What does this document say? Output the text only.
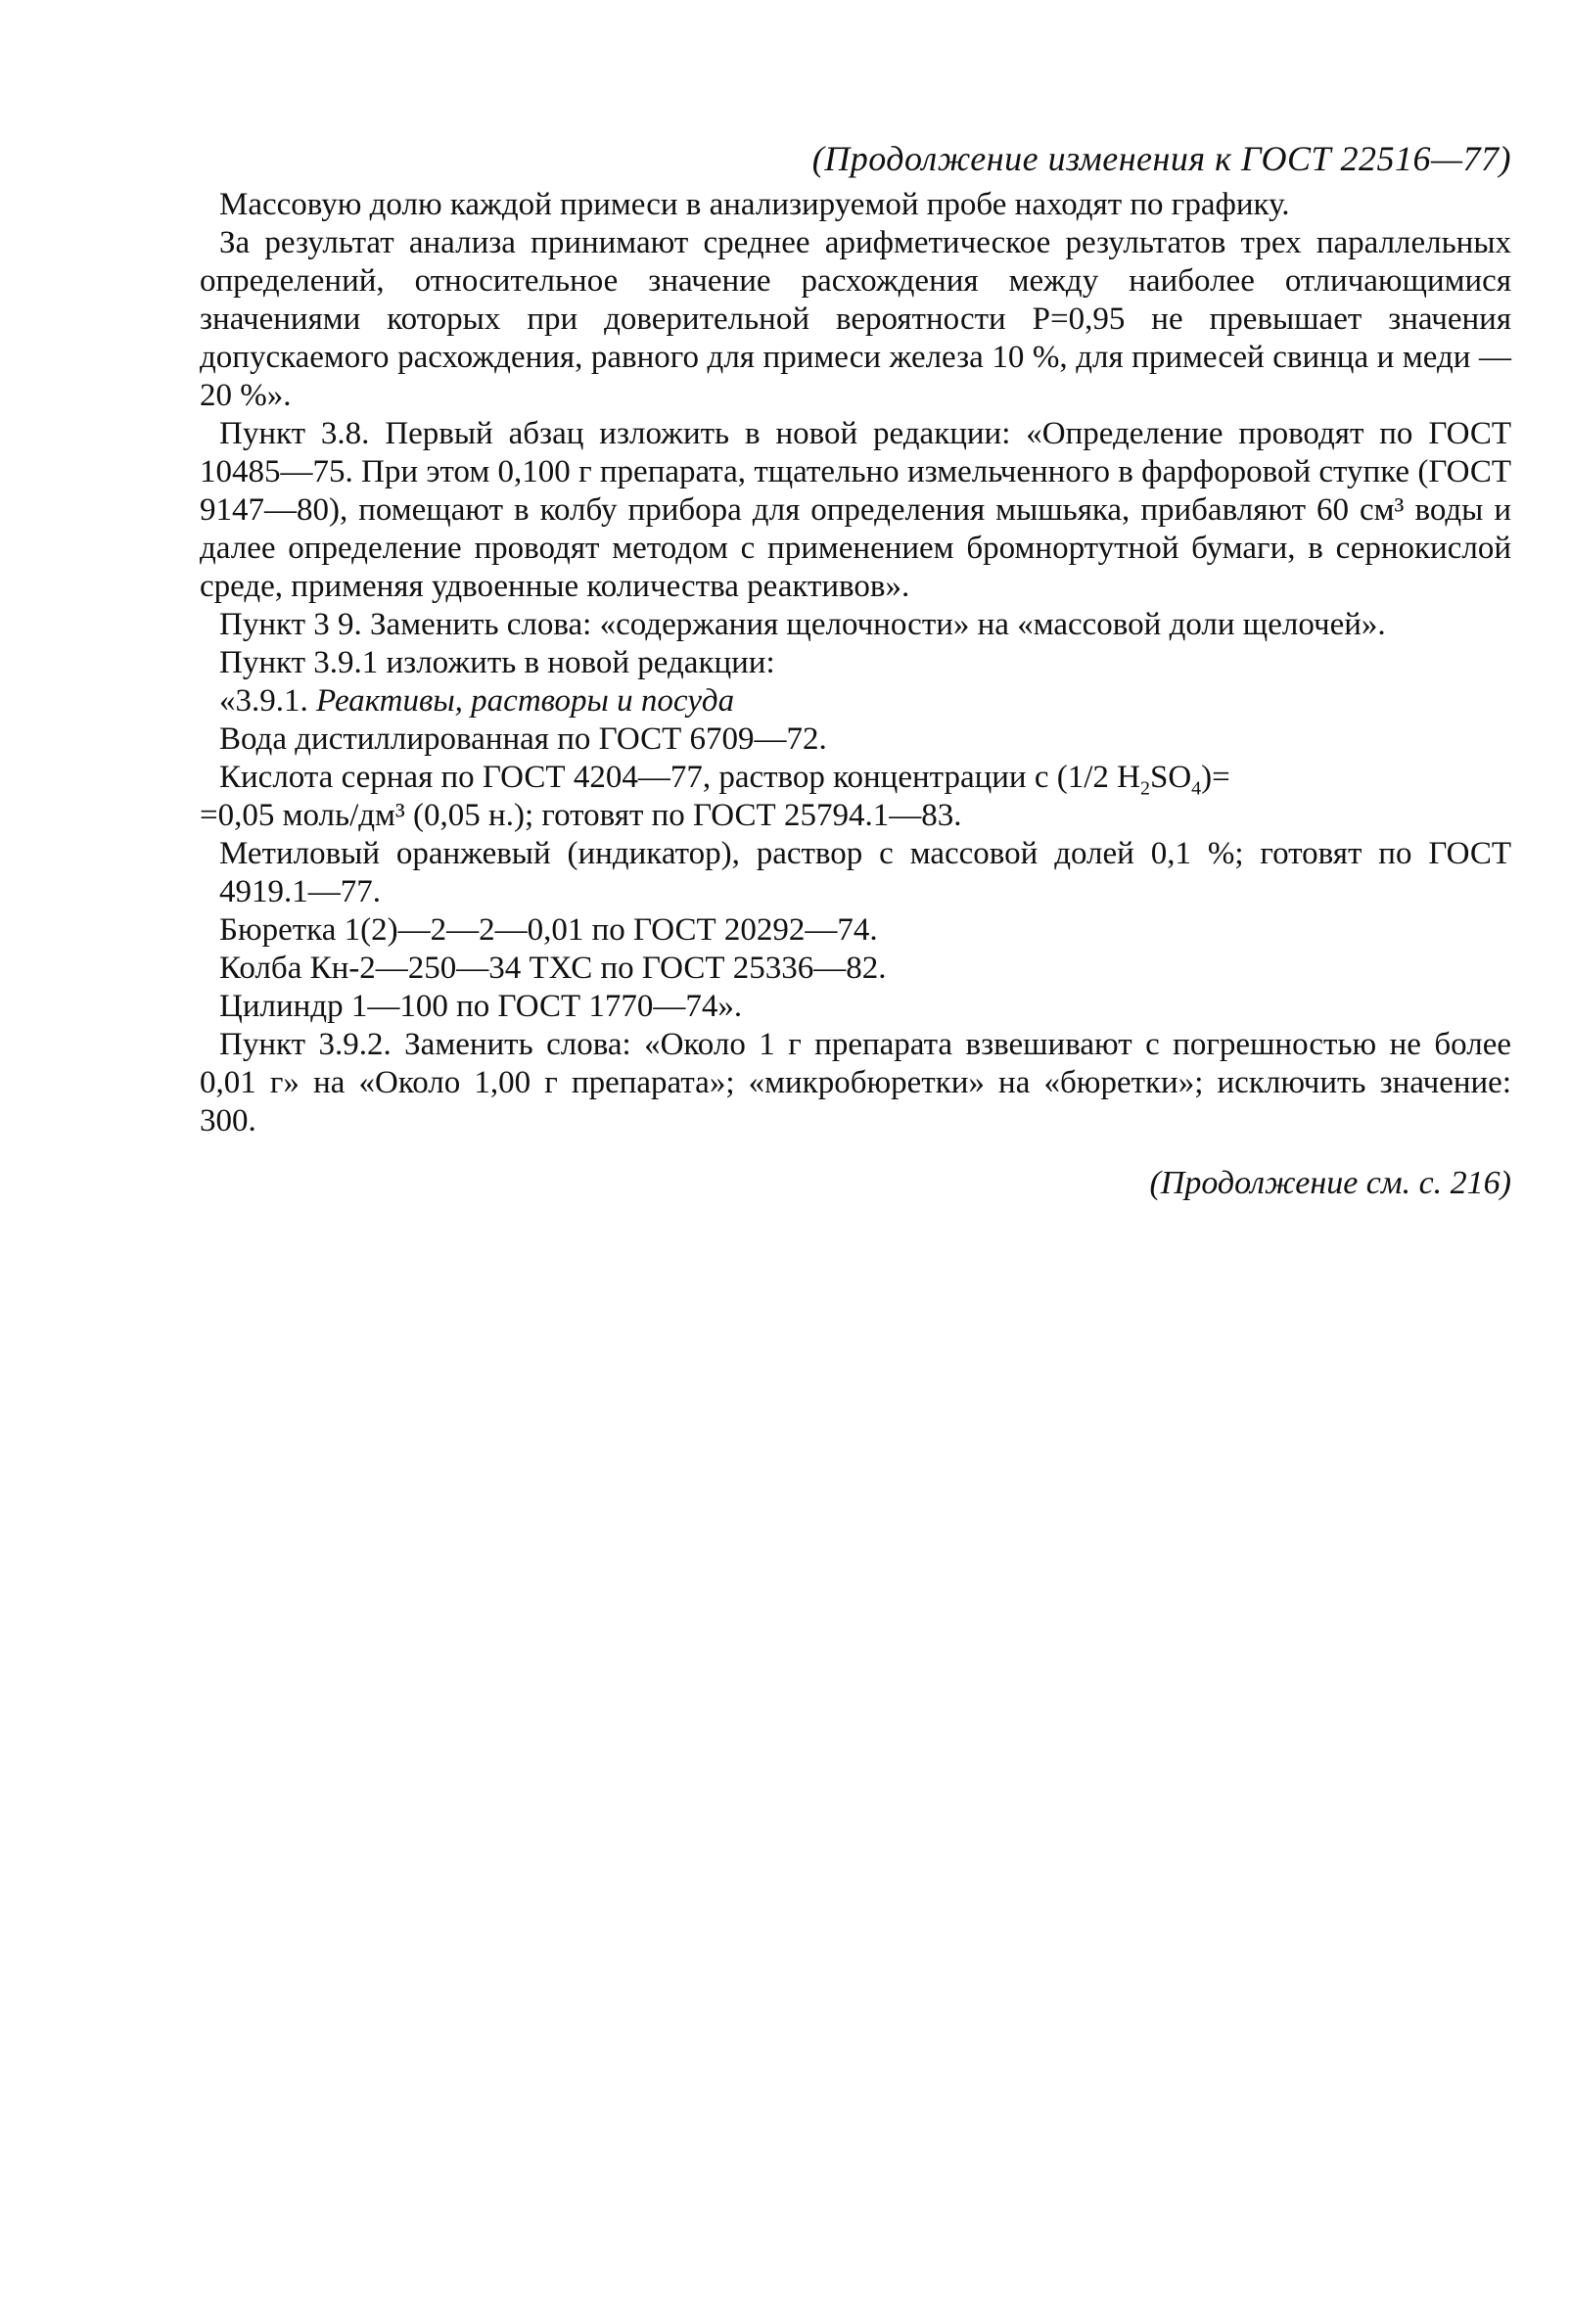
(Продолжение изменения к ГОСТ 22516—77)

Массовую долю каждой примеси в анализируемой пробе находят по графику.

За результат анализа принимают среднее арифметическое результатов трех параллельных определений, относительное значение расхождения между наиболее отличающимися значениями которых при доверительной вероятности P=0,95 не превышает значения допускаемого расхождения, равного для примеси железа 10 %, для примесей свинца и меди — 20 %».

Пункт 3.8. Первый абзац изложить в новой редакции: «Определение проводят по ГОСТ 10485—75. При этом 0,100 г препарата, тщательно измельченного в фарфоровой ступке (ГОСТ 9147—80), помещают в колбу прибора для определения мышьяка, прибавляют 60 см³ воды и далее определение проводят методом с применением бромнортутной бумаги, в сернокислой среде, применяя удвоенные количества реактивов».

Пункт 3 9. Заменить слова: «содержания щелочности» на «массовой доли щелочей».

Пункт 3.9.1 изложить в новой редакции:

«3.9.1. Реактивы, растворы и посуда

Вода дистиллированная по ГОСТ 6709—72.

Кислота серная по ГОСТ 4204—77, раствор концентрации c (1/2 $H_2SO_4)=$

=0,05 моль/дм³ (0,05 н.); готовят по ГОСТ 25794.1—83.

Метиловый оранжевый (индикатор), раствор с массовой долей 0,1 %; готовят по ГОСТ 4919.1—77.

Бюретка 1(2)—2—2—0,01 по ГОСТ 20292—74.

Колба Кн-2—250—34 ТХС по ГОСТ 25336—82.

Цилиндр 1—100 по ГОСТ 1770—74».

Пункт 3.9.2. Заменить слова: «Около 1 г препарата взвешивают с погрешностью не более 0,01 г» на «Около 1,00 г препарата»; «микробюретки» на «бюретки»; исключить значение: 300.

(Продолжение см. с. 216)
